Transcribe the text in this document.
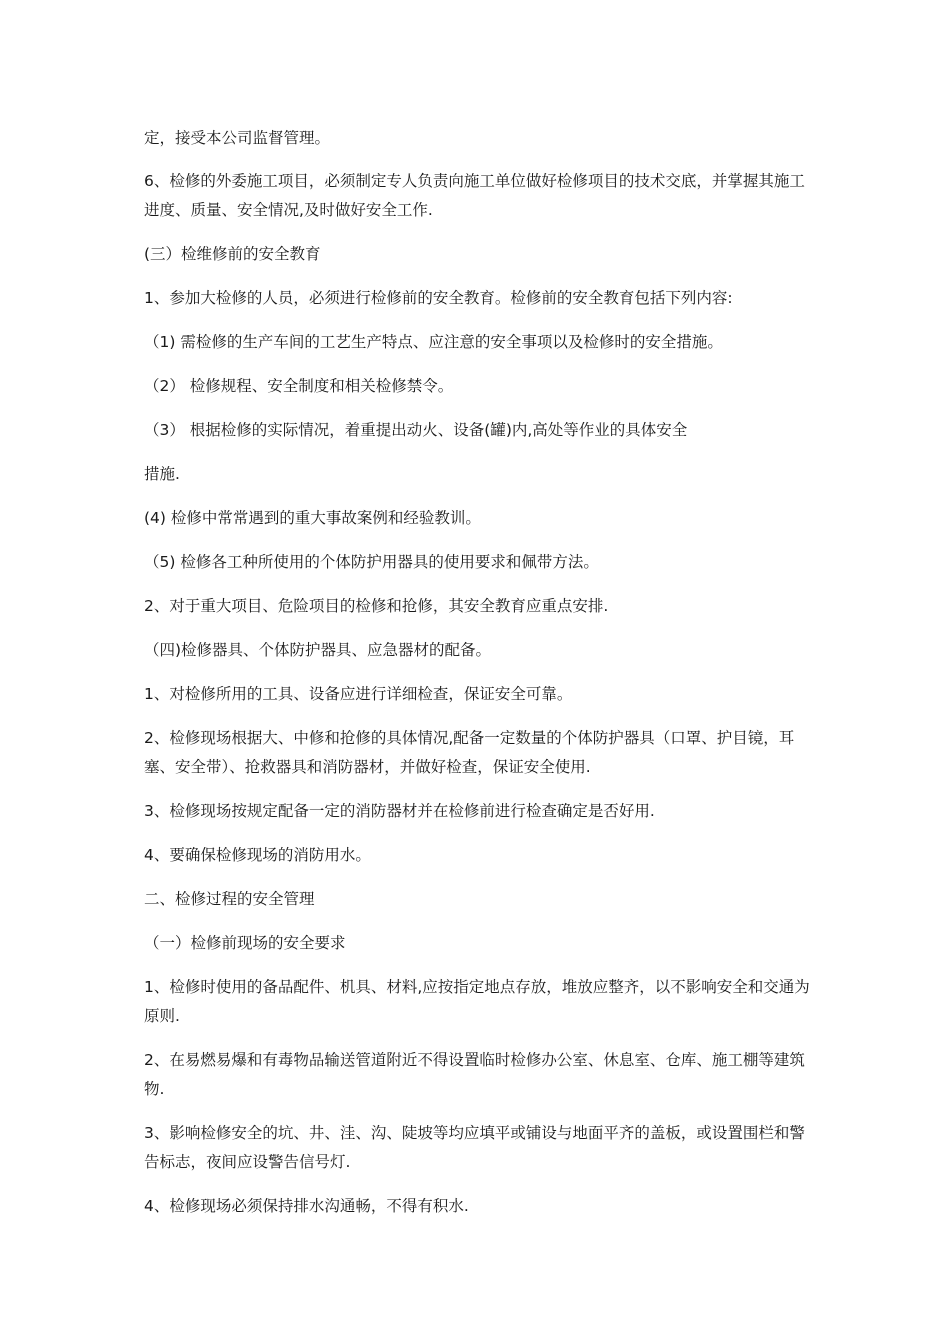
定，接受本公司监督管理。
6、检修的外委施工项目，必须制定专人负责向施工单位做好检修项目的技术交底，并掌握其施工进度、质量、安全情况,及时做好安全工作.
(三）检维修前的安全教育
1、参加大检修的人员，必须进行检修前的安全教育。检修前的安全教育包括下列内容:
（1) 需检修的生产车间的工艺生产特点、应注意的安全事项以及检修时的安全措施。
（2） 检修规程、安全制度和相关检修禁令。
（3） 根据检修的实际情况，着重提出动火、设备(罐)内,高处等作业的具体安全
措施.
(4) 检修中常常遇到的重大事故案例和经验教训。
（5) 检修各工种所使用的个体防护用器具的使用要求和佩带方法。
2、对于重大项目、危险项目的检修和抢修，其安全教育应重点安排.
（四)检修器具、个体防护器具、应急器材的配备。
1、对检修所用的工具、设备应进行详细检查，保证安全可靠。
2、检修现场根据大、中修和抢修的具体情况,配备一定数量的个体防护器具（口罩、护目镜，耳塞、安全带）、抢救器具和消防器材，并做好检查，保证安全使用.
3、检修现场按规定配备一定的消防器材并在检修前进行检查确定是否好用.
4、要确保检修现场的消防用水。
二、检修过程的安全管理
（一）检修前现场的安全要求
1、检修时使用的备品配件、机具、材料,应按指定地点存放，堆放应整齐，以不影响安全和交通为原则.
2、在易燃易爆和有毒物品输送管道附近不得设置临时检修办公室、休息室、仓库、施工棚等建筑物.
3、影响检修安全的坑、井、洼、沟、陡坡等均应填平或铺设与地面平齐的盖板，或设置围栏和警告标志，夜间应设警告信号灯.
4、检修现场必须保持排水沟通畅，不得有积水.
